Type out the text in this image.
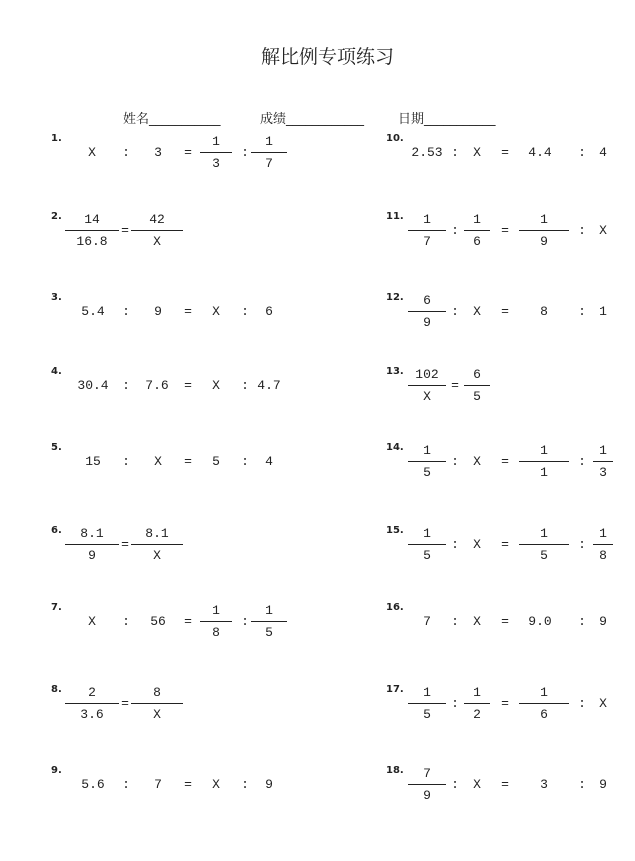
解比例专项练习
姓名___________	成绩____________	日期___________
1.
X	:	3	=
1
3
:
1
7
2.	14
16.8
=
42
X
3.
5.4	:	9	=	X	:	6
4.
30.4	:	7.6	=	X	: 4.7
5.
15	:	X	=	5	:	4
6.	8.1
9
=
8.1
X
7.
X	:	56	=
1
8
:
1
5
8.	2
3.6
=
8
X
9.
5.6	:	7	=	X	:	9
10.
2.53 :	X	=	4.4	:	4
11.	1
7
:
1
6
=
1
9
:	X
12.	6
9
:	X	=	8	:	1
13. 102
X
=
6
5
14.	1
5
:	X	=
1
1
:
1
3
15.	1
5
:	X	=
1
5
:
1
8
16.
7	:	X	=	9.0	:	9
17.	1
5
:
1
2
=
1
6
:	X
18.	7
9
:	X	=	3	:	9
